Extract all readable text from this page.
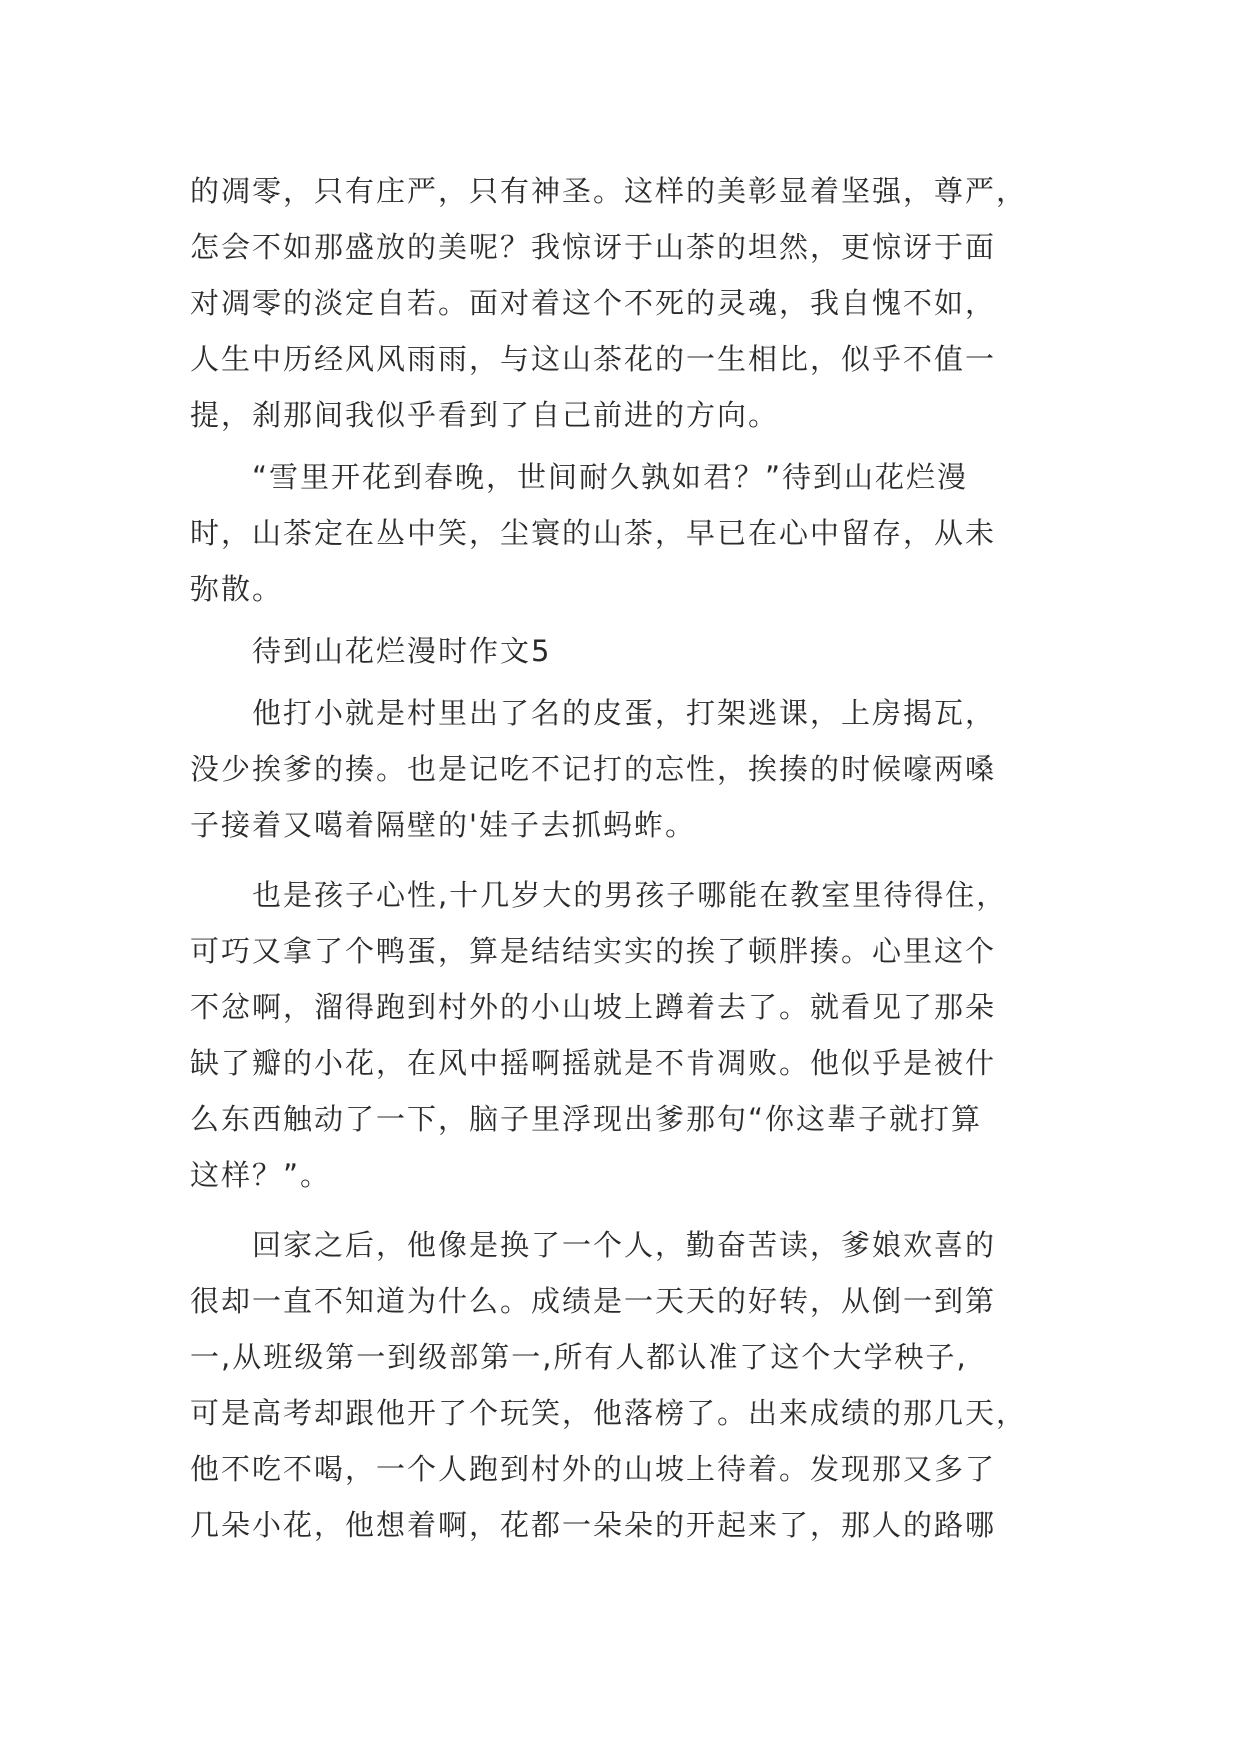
的凋零，只有庄严，只有神圣。这样的美彰显着坚强，尊严，
怎会不如那盛放的美呢？我惊讶于山茶的坦然，更惊讶于面
对凋零的淡定自若。面对着这个不死的灵魂，我自愧不如，
人生中历经风风雨雨，与这山茶花的一生相比，似乎不值一
提，刹那间我似乎看到了自己前进的方向。
“雪里开花到春晚，世间耐久孰如君？”待到山花烂漫
时，山茶定在丛中笑，尘寰的山茶，早已在心中留存，从未
弥散。
待到山花烂漫时作文5
他打小就是村里出了名的皮蛋，打架逃课，上房揭瓦，
没少挨爹的揍。也是记吃不记打的忘性，挨揍的时候嚎两嗓
子接着又噶着隔壁的'娃子去抓蚂蚱。
也是孩子心性,十几岁大的男孩子哪能在教室里待得住，
可巧又拿了个鸭蛋，算是结结实实的挨了顿胖揍。心里这个
不忿啊，溜得跑到村外的小山坡上蹲着去了。就看见了那朵
缺了瓣的小花，在风中摇啊摇就是不肯凋败。他似乎是被什
么东西触动了一下，脑子里浮现出爹那句“你这辈子就打算
这样？”。
回家之后，他像是换了一个人，勤奋苦读，爹娘欢喜的
很却一直不知道为什么。成绩是一天天的好转，从倒一到第
一,从班级第一到级部第一,所有人都认准了这个大学秧子,
可是高考却跟他开了个玩笑，他落榜了。出来成绩的那几天，
他不吃不喝，一个人跑到村外的山坡上待着。发现那又多了
几朵小花，他想着啊，花都一朵朵的开起来了，那人的路哪
